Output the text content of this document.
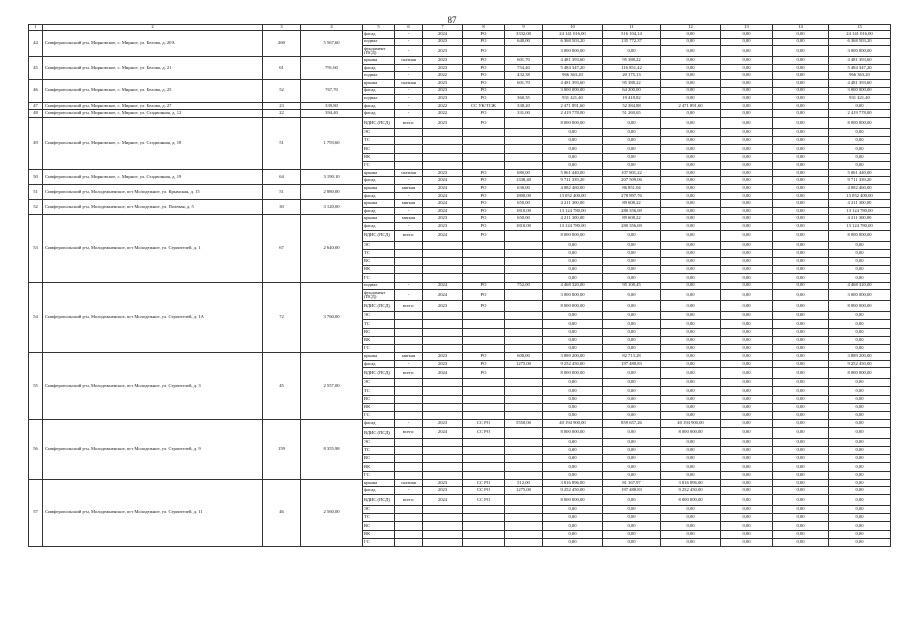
87
1	2	3	4	5	6	7	8	9	10	11	12	13	14	15
44	Симферопольский р-н, Мирновское, с. Мирное, ул. Белова, д. 20А	260	5 567,60	фасад	-	2024	РО	3332,00	24 141 016,00	516 104,14	0,00	0,00	0,00	24 141 016,00
				подвал	-	2023	РО	640,00	6 368 503,20	135 772,37	0,00	0,00	0,00	6 368 503,20
				фундамент (ПСД)	-	2023	РО		3 000 000,00	0,00	0,00	0,00	0,00	3 000 000,00
45	Симферопольский р-н, Мирновское, с. Мирное, ул. Белова, д. 21	61	791,60	крыша	скатная	2023	РО	601,70	4 481 393,60	95 388,22	0,00	0,00	0,00	4 481 393,60
				фасад	-	2023	РО	754,40	5 484 347,20	116 851,42	0,00	0,00	0,00	5 484 347,20
				подвал	-	2022	РО	432,38	966 363,20	20 175,13	0,00	0,00	0,00	966 363,20
46	Симферопольский р-н, Мирновское, с. Мирное, ул. Белова, д. 25	52	767,70	крыша	скатная	2023	РО	601,70	4 481 393,60	95 388,22	0,00	0,00	0,00	4 481 393,60
				фасад	-	2023	РО		3 000 000,00	64 200,00	0,00	0,00	0,00	3 000 000,00
				подвал	-	2023	РО	360,35	931 421,40	19 418,82	0,00	0,00	0,00	931 421,40
47	Симферопольский р-н, Мирновское, с. Мирное, ул. Белова, д. 27	23	339,80	фасад	-	2022	СС УК/ТСЖ	338,20	2 471 891,60	52 384,88	2 471 891,60	0,00	0,00	0,00
48	Симферопольский р-н, Мирновское, с. Мирное, ул. Стадионная, д. 12	22	394,40	фасад	-	2022	РО	331,00	2 419 778,00	51 269,65	0,00	0,00	0,00	2 419 778,00
49	Симферопольский р-н, Мирновское, с. Мирное, ул. Стадионная, д. 18	51	1 793,60	ВДИС (ПСД)	всего:	2023	РО		8 000 000,00	0,00	0,00	0,00	0,00	8 000 000,00
				ЭС					0,00	0,00	0,00	0,00	0,00	0,00
				ТС					0,00	0,00	0,00	0,00	0,00	0,00
				ВС					0,00	0,00	0,00	0,00	0,00	0,00
				ВК					0,00	0,00	0,00	0,00	0,00	0,00
				ГС					0,00	0,00	0,00	0,00	0,00	0,00
50	Симферопольский р-н, Мирновское, с. Мирное, ул. Стадионная, д. 19	64	3 190,10	крыша	скатная	2023	РО	680,00	5 061 440,00	107 801,22	0,00	0,00	0,00	5 061 440,00
				фасад	-	2024	РО	1338,40	9 711 339,20	207 509,06	0,00	0,00	0,00	9 711 339,20
51	Симферопольский р-н, Молодежненское, пгт Молодежное, ул. Крымская, д. 15	51	2 880,00	крыша	мягкая	2024	РО	630,00	4 082 460,00	86 851,04	0,00	0,00	0,00	4 082 460,00
				фасад	-	2024	РО	1800,00	13 052 400,00	278 897,76	0,00	0,00	0,00	13 052 400,00
52	Симферопольский р-н, Молодежненское, пгт Молодежное, ул. Полевая, д. 5	30	3 120,00	крыша	мягкая	2024	РО	650,00	4 211 300,00	89 608,22	0,00	0,00	0,00	4 211 300,00
				фасад	-	2024	РО	1810,00	13 124 780,00	280 356,69	0,00	0,00	0,00	13 124 780,00
53	Симферопольский р-н, Молодежненское, пгт Молодежное, ул. Строителей, д. 1	67	2 640,00	крыша	мягкая	2023	РО	650,00	4 211 300,00	89 608,22	0,00	0,00	0,00	4 211 300,00
				фасад	-	2023	РО	1810,00	13 124 780,00	280 356,69	0,00	0,00	0,00	13 124 780,00
				ВДИС (ПСД)	всего:	2024	РО		8 000 000,00	0,00	0,00	0,00	0,00	8 000 000,00
				ЭС					0,00	0,00	0,00	0,00	0,00	0,00
				ТС					0,00	0,00	0,00	0,00	0,00	0,00
				ВС					0,00	0,00	0,00	0,00	0,00	0,00
				ВК					0,00	0,00	0,00	0,00	0,00	0,00
				ГС					0,00	0,00	0,00	0,00	0,00	0,00
54	Симферопольский р-н, Молодежненское, пгт Молодежное, ул. Строителей, д. 1А	72	3 760,00	подвал	-	2024	РО	752,00	4 468 320,00	95 108,45	0,00	0,00	0,00	4 468 320,00
				фундамент (ПСД)	-	2024	РО		3 000 000,00	0,00	0,00	0,00	0,00	3 000 000,00
				ВДИС (ПСД)	всего:	2023	РО		8 000 000,00	0,00	0,00	0,00	0,00	8 000 000,00
				ЭС					0,00	0,00	0,00	0,00	0,00	0,00
				ТС					0,00	0,00	0,00	0,00	0,00	0,00
				ВС					0,00	0,00	0,00	0,00	0,00	0,00
				ВК					0,00	0,00	0,00	0,00	0,00	0,00
				ГС					0,00	0,00	0,00	0,00	0,00	0,00
55	Симферопольский р-н, Молодежненское, пгт Молодежное, ул. Строителей, д. 3	45	2 557,00	крыша	мягкая	2023	РО	600,00	3 889 200,00	82 713,28	0,00	0,00	0,00	3 889 200,00
				фасад	-	2023	РО	1275,00	9 252 450,00	197 488,83	0,00	0,00	0,00	9 252 450,00
				ВДИС (ПСД)	всего:	2024	РО		8 000 000,00	0,00	0,00	0,00	0,00	8 000 000,00
				ЭС					0,00	0,00	0,00	0,00	0,00	0,00
				ТС					0,00	0,00	0,00	0,00	0,00	0,00
				ВС					0,00	0,00	0,00	0,00	0,00	0,00
				ВК					0,00	0,00	0,00	0,00	0,00	0,00
				ГС					0,00	0,00	0,00	0,00	0,00	0,00
56	Симферопольский р-н, Молодежненское, пгт Молодежное, ул. Строителей, д. 9	159	8 355,98	фасад	-	2023	СС РО	5550,00	40 194 900,00	859 657,26	40 194 900,00	0,00	0,00	0,00
				ВДИС (ПСД)	всего:	2024	СС РО		8 000 000,00	0,00	8 000 000,00	0,00	0,00	0,00
				ЭС					0,00	0,00	0,00	0,00	0,00	0,00
				ТС					0,00	0,00	0,00	0,00	0,00	0,00
				ВС					0,00	0,00	0,00	0,00	0,00	0,00
				ВК					0,00	0,00	0,00	0,00	0,00	0,00
				ГС					0,00	0,00	0,00	0,00	0,00	0,00
57	Симферопольский р-н, Молодежненское, пгт Молодежное, ул. Строителей, д. 11	46	2 560,00	крыша	скатная	2023	СС РО	512,00	3 816 896,00	81 167,97	3 816 896,00	0,00	0,00	0,00
				фасад	-	2023	СС РО	1275,00	9 252 450,00	197 488,83	9 252 450,00	0,00	0,00	0,00
				ВДИС (ПСД)	всего:	2024	СС РО		8 000 000,00	0,00	8 000 000,00	0,00	0,00	0,00
				ЭС					0,00	0,00	0,00	0,00	0,00	0,00
				ТС					0,00	0,00	0,00	0,00	0,00	0,00
				ВС					0,00	0,00	0,00	0,00	0,00	0,00
				ВК					0,00	0,00	0,00	0,00	0,00	0,00
				ГС					0,00	0,00	0,00	0,00	0,00	0,00
